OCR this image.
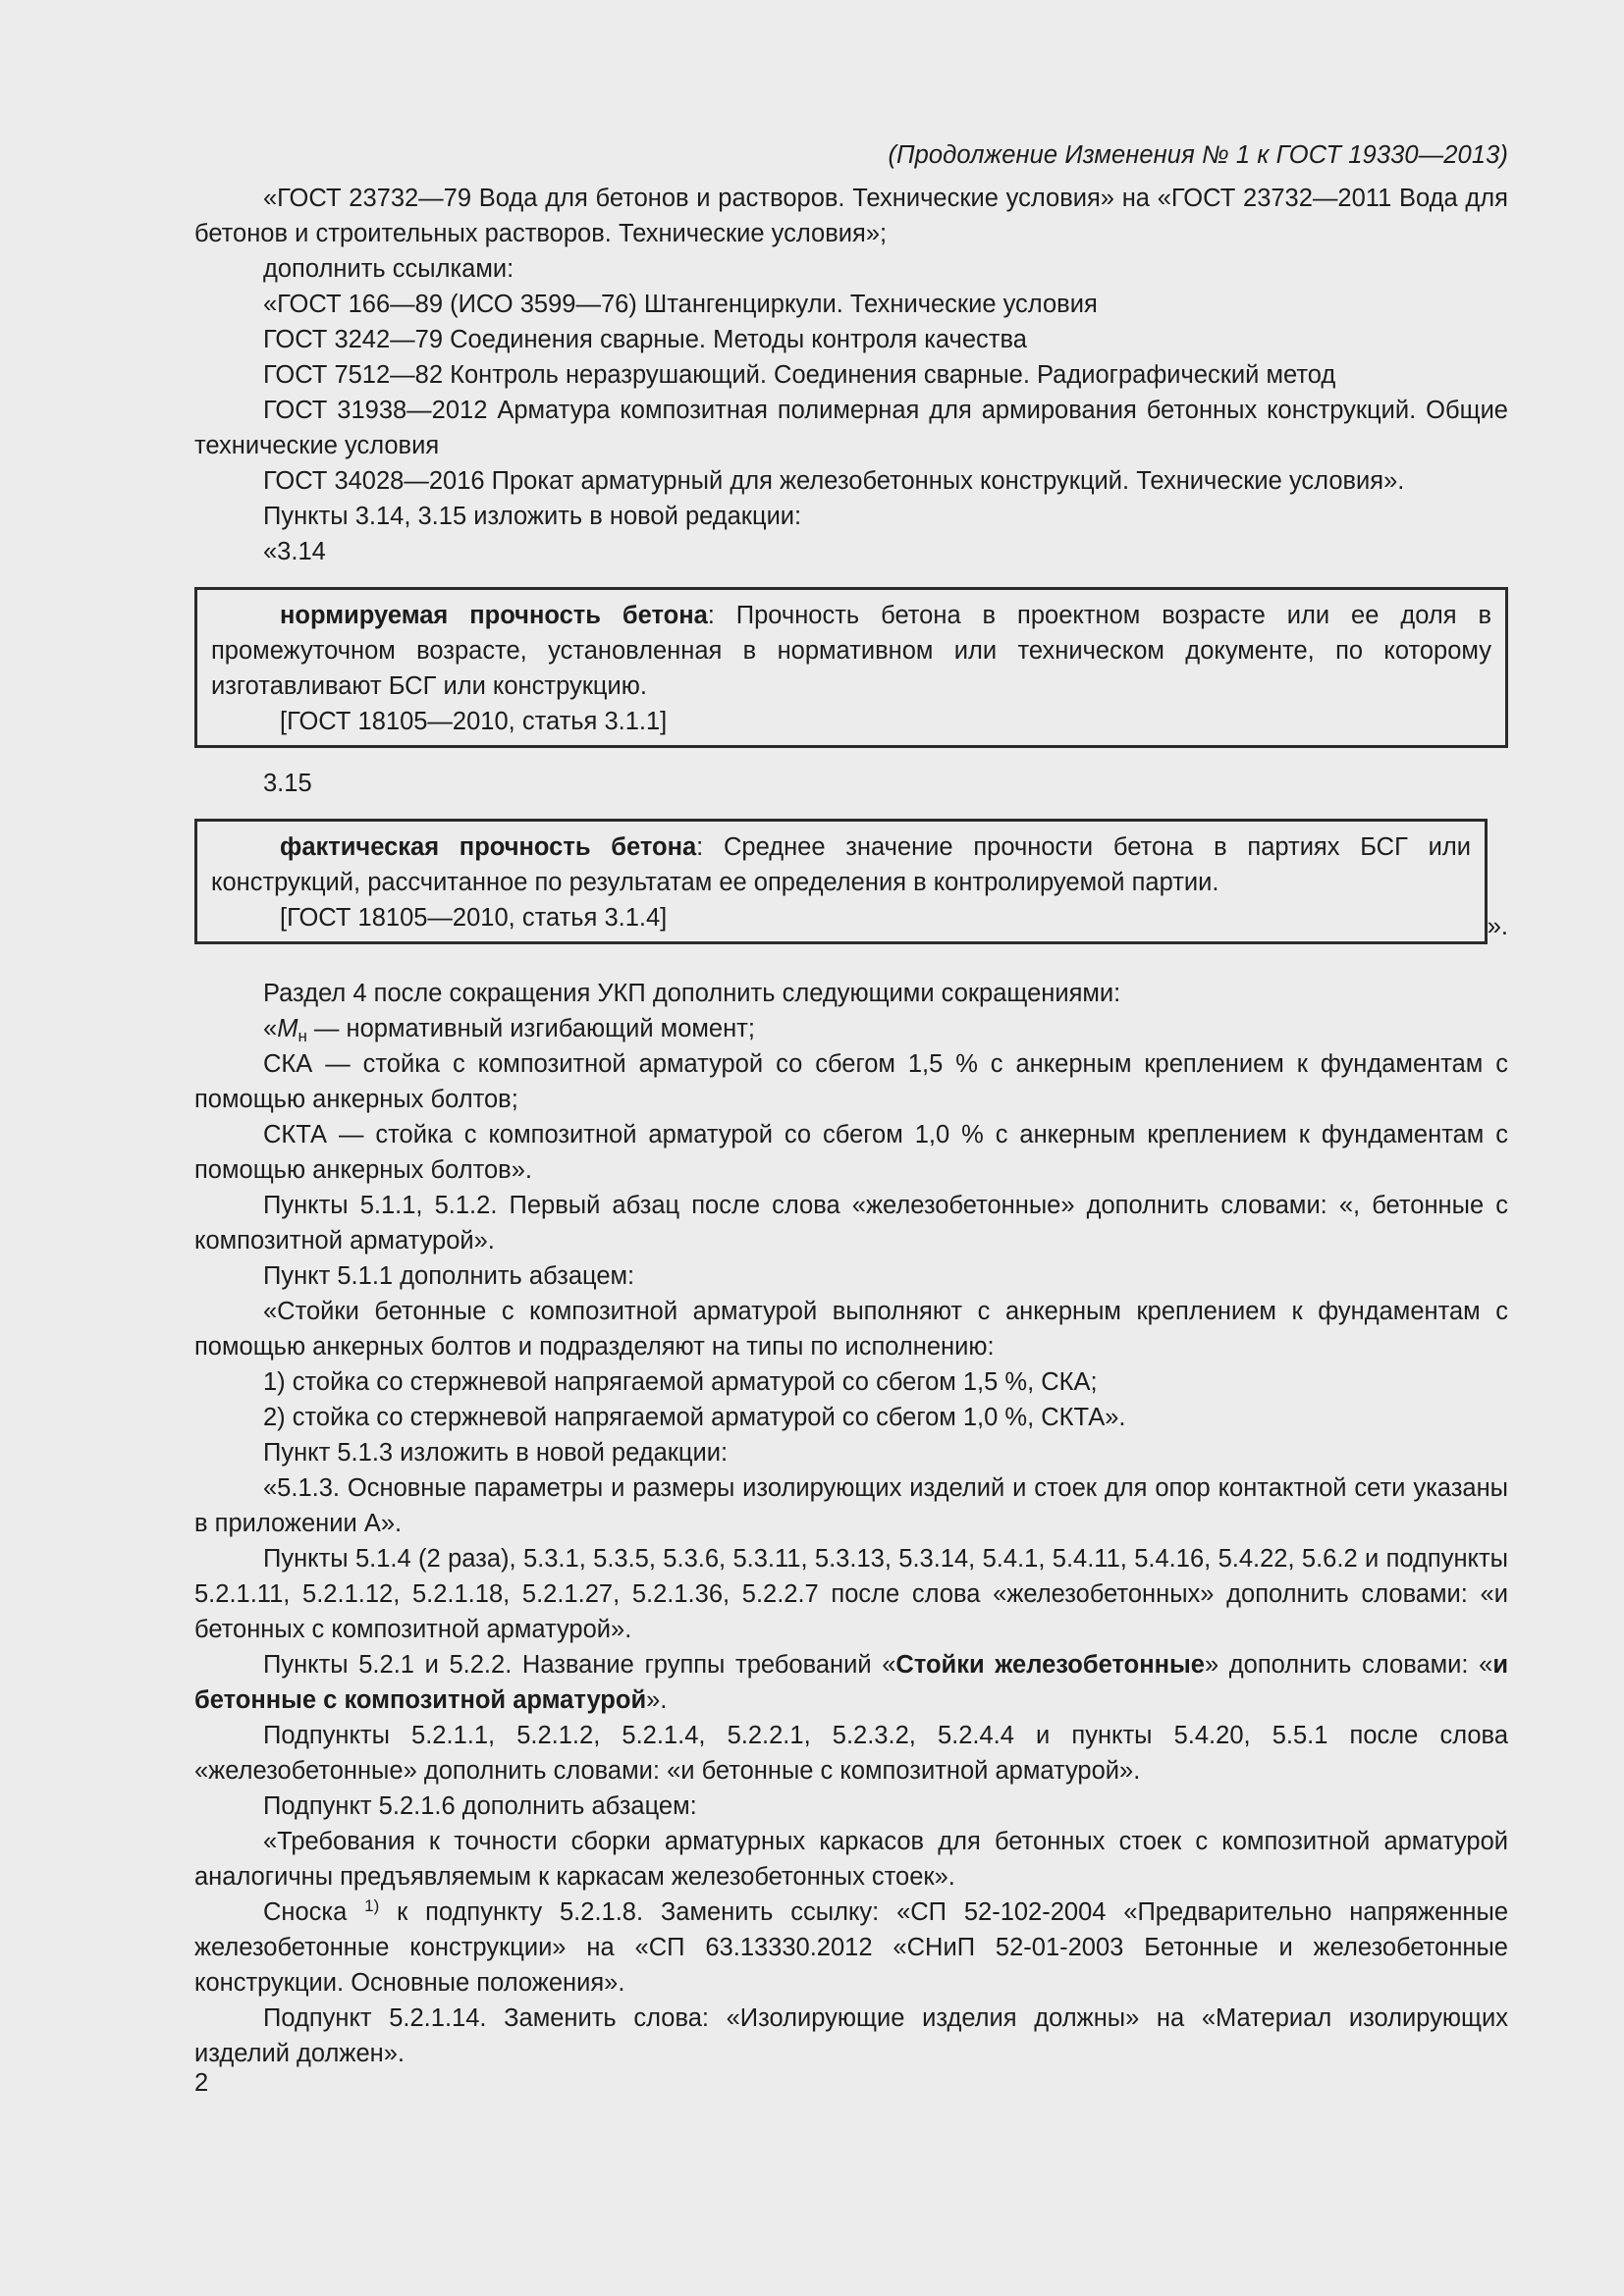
(Продолжение Изменения № 1 к ГОСТ 19330—2013)

«ГОСТ 23732—79 Вода для бетонов и растворов. Технические условия» на «ГОСТ 23732—2011 Вода для бетонов и строительных растворов. Технические условия»;

дополнить ссылками:

«ГОСТ 166—89 (ИСО 3599—76) Штангенциркули. Технические условия

ГОСТ 3242—79 Соединения сварные. Методы контроля качества

ГОСТ 7512—82 Контроль неразрушающий. Соединения сварные. Радиографический метод

ГОСТ 31938—2012 Арматура композитная полимерная для армирования бетонных конструкций. Общие технические условия

ГОСТ 34028—2016 Прокат арматурный для железобетонных конструкций. Технические условия».

Пункты 3.14, 3.15 изложить в новой редакции:

«3.14

нормируемая прочность бетона: Прочность бетона в проектном возрасте или ее доля в промежуточном возрасте, установленная в нормативном или техническом документе, по которому изготавливают БСГ или конструкцию.

[ГОСТ 18105—2010, статья 3.1.1]

3.15

фактическая прочность бетона: Среднее значение прочности бетона в партиях БСГ или конструкций, рассчитанное по результатам ее определения в контролируемой партии.

[ГОСТ 18105—2010, статья 3.1.4]	».

Раздел 4 после сокращения УКП дополнить следующими сокращениями:

«$M_н$ — нормативный изгибающий момент;

СКА — стойка с композитной арматурой со сбегом 1,5 % с анкерным креплением к фундаментам с помощью анкерных болтов;

СКТА — стойка с композитной арматурой со сбегом 1,0 % с анкерным креплением к фундаментам с помощью анкерных болтов».

Пункты 5.1.1, 5.1.2. Первый абзац после слова «железобетонные» дополнить словами: «, бетонные с композитной арматурой».

Пункт 5.1.1 дополнить абзацем:

«Стойки бетонные с композитной арматурой выполняют с анкерным креплением к фундаментам с помощью анкерных болтов и подразделяют на типы по исполнению:

1) стойка со стержневой напрягаемой арматурой со сбегом 1,5 %, СКА;

2) стойка со стержневой напрягаемой арматурой со сбегом 1,0 %, СКТА».

Пункт 5.1.3 изложить в новой редакции:

«5.1.3. Основные параметры и размеры изолирующих изделий и стоек для опор контактной сети указаны в приложении А».

Пункты 5.1.4 (2 раза), 5.3.1, 5.3.5, 5.3.6, 5.3.11, 5.3.13, 5.3.14, 5.4.1, 5.4.11, 5.4.16, 5.4.22, 5.6.2 и подпункты 5.2.1.11, 5.2.1.12, 5.2.1.18, 5.2.1.27, 5.2.1.36, 5.2.2.7 после слова «железобетонных» дополнить словами: «и бетонных с композитной арматурой».

Пункты 5.2.1 и 5.2.2. Название группы требований «Стойки железобетонные» дополнить словами: «и бетонные с композитной арматурой».

Подпункты 5.2.1.1, 5.2.1.2, 5.2.1.4, 5.2.2.1, 5.2.3.2, 5.2.4.4 и пункты 5.4.20, 5.5.1 после слова «железобетонные» дополнить словами: «и бетонные с композитной арматурой».

Подпункт 5.2.1.6 дополнить абзацем:

«Требования к точности сборки арматурных каркасов для бетонных стоек с композитной арматурой аналогичны предъявляемым к каркасам железобетонных стоек».

Сноска $^{1)}$ к подпункту 5.2.1.8. Заменить ссылку: «СП 52-102-2004 «Предварительно напряженные железобетонные конструкции» на «СП 63.13330.2012 «СНиП 52-01-2003 Бетонные и железобетонные конструкции. Основные положения».

Подпункт 5.2.1.14. Заменить слова: «Изолирующие изделия должны» на «Материал изолирующих изделий должен».

2
